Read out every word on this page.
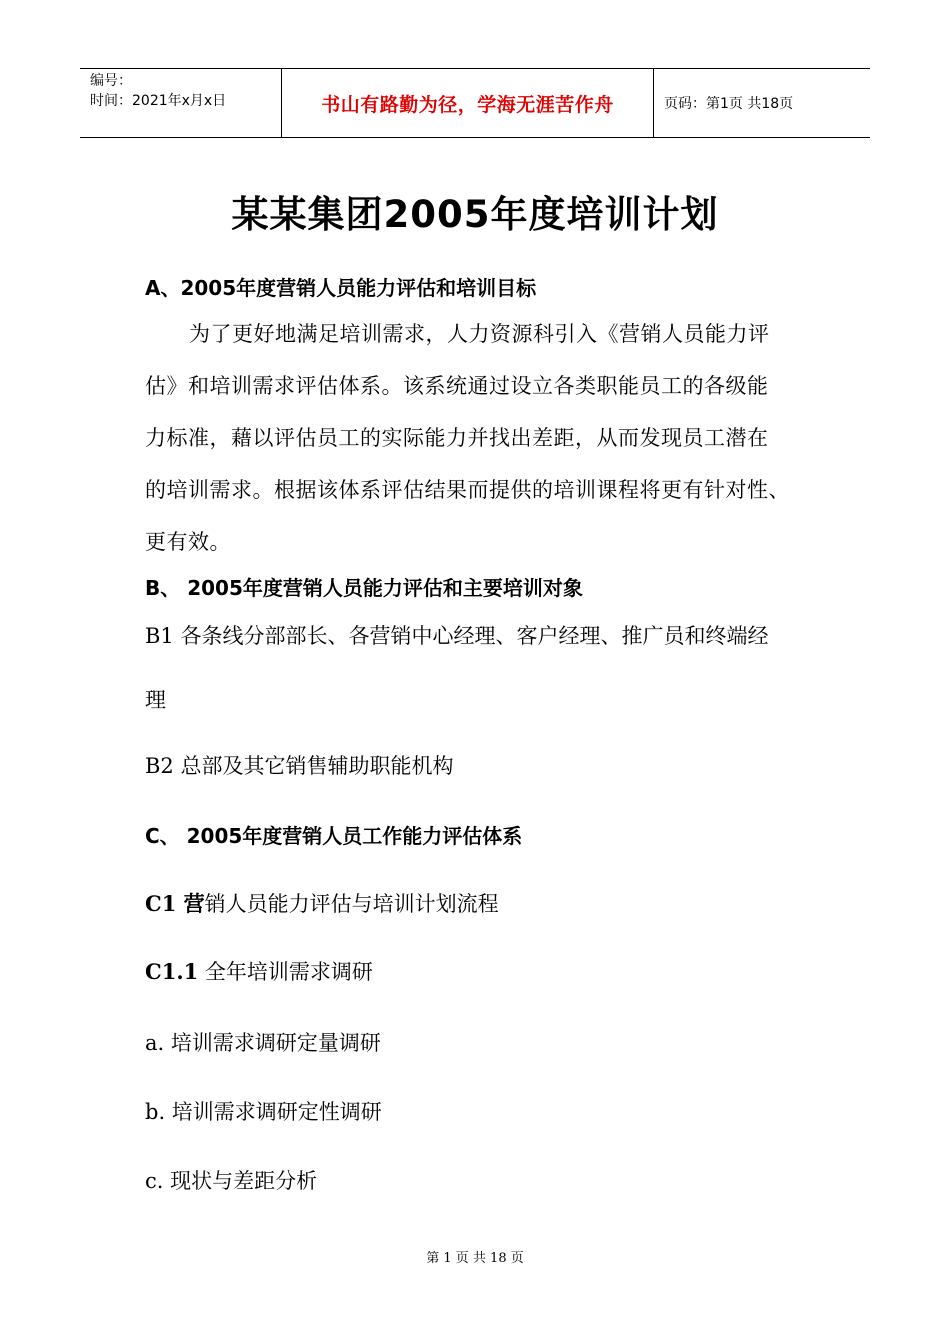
编号：
时间：2021年x月x日	书山有路勤为径，学海无涯苦作舟	页码：第1页 共18页
某某集团2005年度培训计划
A、2005年度营销人员能力评估和培训目标
为了更好地满足培训需求，人力资源科引入《营销人员能力评
估》和培训需求评估体系。该系统通过设立各类职能员工的各级能
力标准，藉以评估员工的实际能力并找出差距，从而发现员工潜在
的培训需求。根据该体系评估结果而提供的培训课程将更有针对性、
更有效。
B、 2005年度营销人员能力评估和主要培训对象
B1 各条线分部部长、各营销中心经理、客户经理、推广员和终端经
理
B2 总部及其它销售辅助职能机构
C、 2005年度营销人员工作能力评估体系
C1 营销人员能力评估与培训计划流程
C1.1 全年培训需求调研
a. 培训需求调研定量调研
b. 培训需求调研定性调研
c. 现状与差距分析
第 1 页 共 18 页
